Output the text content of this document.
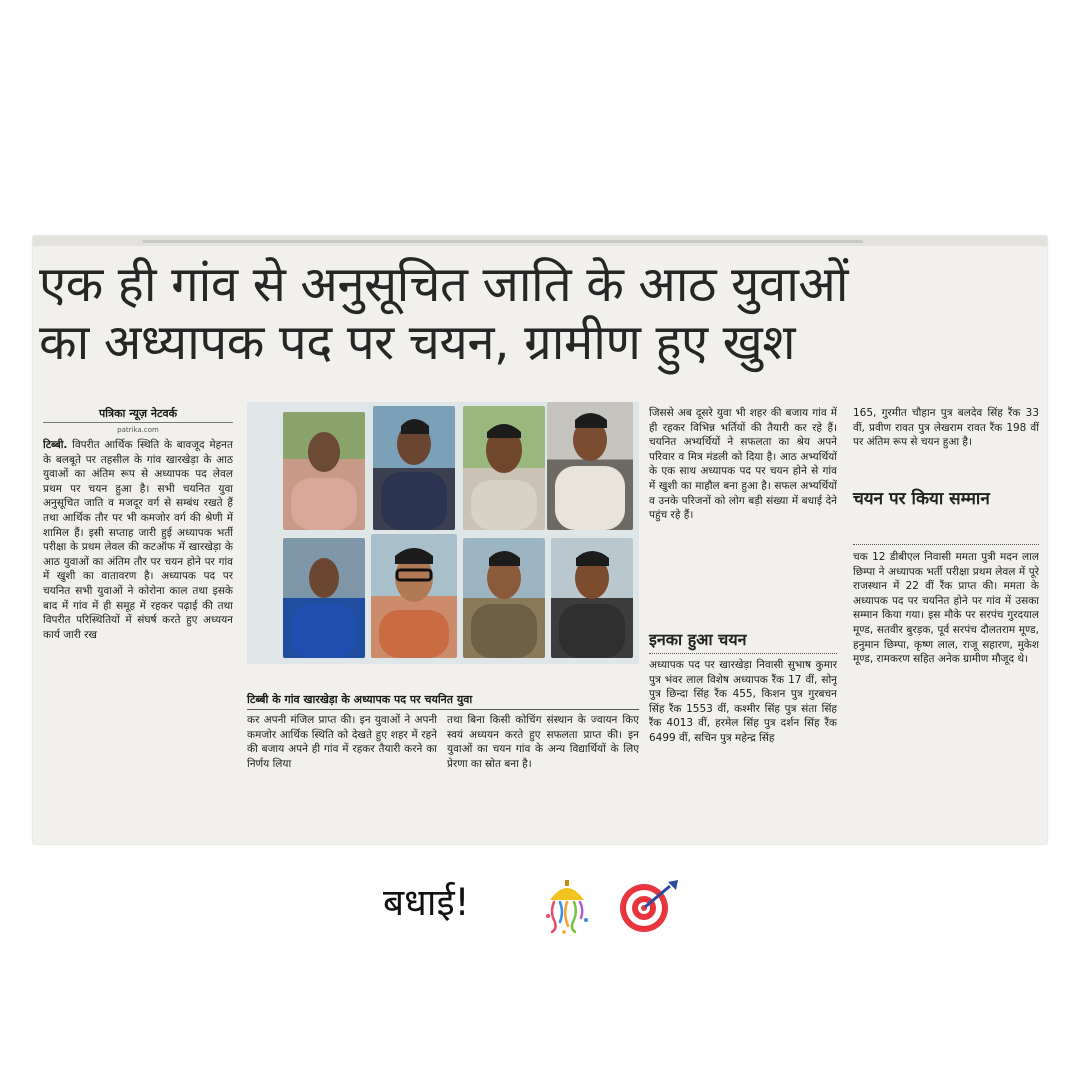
एक ही गांव से अनुसूचित जाति के आठ युवाओं
का अध्यापक पद पर चयन, ग्रामीण हुए खुश
पत्रिका न्यूज़ नेटवर्क
patrika.com
टिब्बी. विपरीत आर्थिक स्थिति के बावजूद मेहनत के बलबूते पर तहसील के गांव खारखेड़ा के आठ युवाओं का अंतिम रूप से अध्यापक पद लेवल प्रथम पर चयन हुआ है। सभी चयनित युवा अनुसूचित जाति व मजदूर वर्ग से सम्बंध रखते हैं तथा आर्थिक तौर पर भी कमजोर वर्ग की श्रेणी में शामिल हैं। इसी सप्ताह जारी हुई अध्यापक भर्ती परीक्षा के प्रथम लेवल की कटऑफ में खारखेड़ा के आठ युवाओं का अंतिम तौर पर चयन होने पर गांव में खुशी का वातावरण है। अध्यापक पद पर चयनित सभी युवाओं ने कोरोना काल तथा इसके बाद में गांव में ही समूह में रहकर पढ़ाई की तथा विपरीत परिस्थितियों में संघर्ष करते हुए अध्ययन कार्य जारी रख
टिब्बी के गांव खारखेड़ा के अध्यापक पद पर चयनित युवा
कर अपनी मंजिल प्राप्त की। इन युवाओं ने अपनी कमजोर आर्थिक स्थिति को देखते हुए शहर में रहने की बजाय अपने ही गांव में रहकर तैयारी करने का निर्णय लिया
तथा बिना किसी कोचिंग संस्थान के ज्वायन किए स्वयं अध्ययन करते हुए सफलता प्राप्त की। इन युवाओं का चयन गांव के अन्य विद्यार्थियों के लिए प्रेरणा का स्रोत बना है।
जिससे अब दूसरे युवा भी शहर की बजाय गांव में ही रहकर विभिन्न भर्तियों की तैयारी कर रहे हैं। चयनित अभ्यर्थियों ने सफलता का श्रेय अपने परिवार व मित्र मंडली को दिया है। आठ अभ्यर्थियों के एक साथ अध्यापक पद पर चयन होने से गांव में खुशी का माहौल बना हुआ है। सफल अभ्यर्थियों व उनके परिजनों को लोग बड़ी संख्या में बधाई देने पहुंच रहे हैं।
इनका हुआ चयन
अध्यापक पद पर खारखेड़ा निवासी सुभाष कुमार पुत्र भंवर लाल विशेष अध्यापक रैंक 17 वीं, सोनू पुत्र छिन्दा सिंह रैंक 455, किशन पुत्र गुरबचन सिंह रैंक 1553 वीं, कश्मीर सिंह पुत्र संता सिंह रैंक 4013 वीं, हरमेल सिंह पुत्र दर्शन सिंह रैंक 6499 वीं, सचिन पुत्र महेन्द्र सिंह
165, गुरमीत चौहान पुत्र बलदेव सिंह रैंक 33 वीं, प्रवीण रावत पुत्र लेखराम रावत रैंक 198 वीं पर अंतिम रूप से चयन हुआ है।
चयन पर किया सम्मान
चक 12 डीबीएल निवासी ममता पुत्री मदन लाल छिम्पा ने अध्यापक भर्ती परीक्षा प्रथम लेवल में पूरे राजस्थान में 22 वीं रैंक प्राप्त की। ममता के अध्यापक पद पर चयनित होने पर गांव में उसका सम्मान किया गया। इस मौके पर सरपंच गुरदयाल मूण्ड, सतवीर बुरड़क, पूर्व सरपंच दौलतराम मूण्ड, हनुमान छिम्पा, कृष्ण लाल, राजू सहारण, मुकेश मूण्ड, रामकरण सहित अनेक ग्रामीण मौजूद थे।
बधाई!
